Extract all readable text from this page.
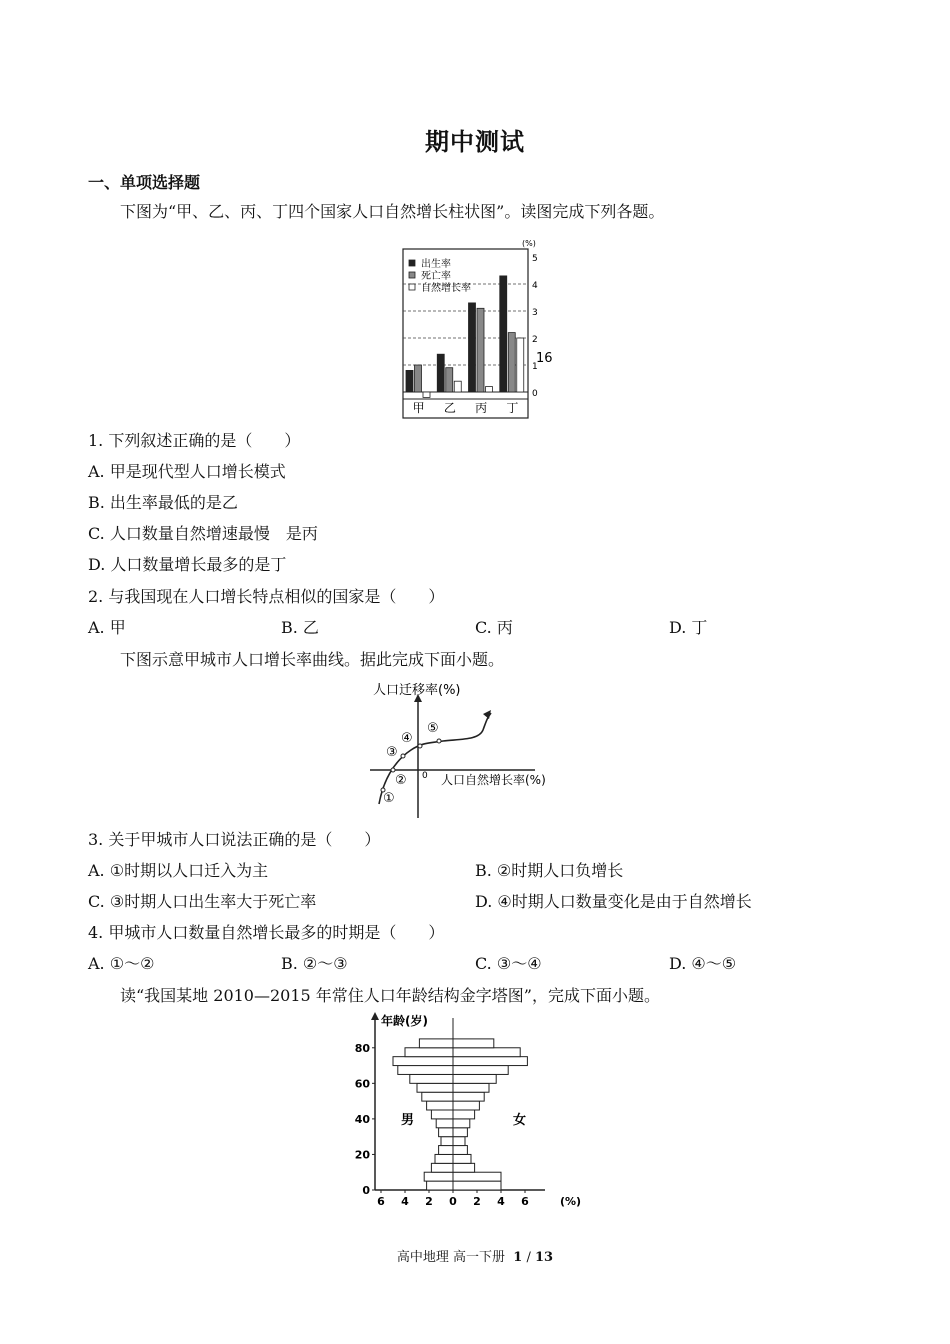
期中测试
一、单项选择题
下图为“甲、乙、丙、丁四个国家人口自然增长柱状图”。读图完成下列各题。
0
1
2
3
4
5
(%)
16
甲 乙 丙 丁
出生率
死亡率
自然增长率
1. 下列叙述正确的是（　　）
A. 甲是现代型人口增长模式
B. 出生率最低的是乙
C. 人口数量自然增速最慢　是丙
D. 人口数量增长最多的是丁
2. 与我国现在人口增长特点相似的国家是（　　）
A. 甲	B. 乙	C. 丙	D. 丁
下图示意甲城市人口增长率曲线。据此完成下面小题。
人口迁移率(%)
人口自然增长率(%)
0
①
②
③
④
⑤
3. 关于甲城市人口说法正确的是（　　）
A. ①时期以人口迁入为主	B. ②时期人口负增长
C. ③时期人口出生率大于死亡率	D. ④时期人口数量变化是由于自然增长
4. 甲城市人口数量自然增长最多的时期是（　　）
A. ①～②	B. ②～③	C. ③～④	D. ④～⑤
读“我国某地 2010—2015 年常住人口年龄结构金字塔图”，完成下面小题。
年龄(岁)
0
20
40
60
80
6 4 2 0 2 4 6	(%)
男	女
高中地理 高一下册 1 / 13
